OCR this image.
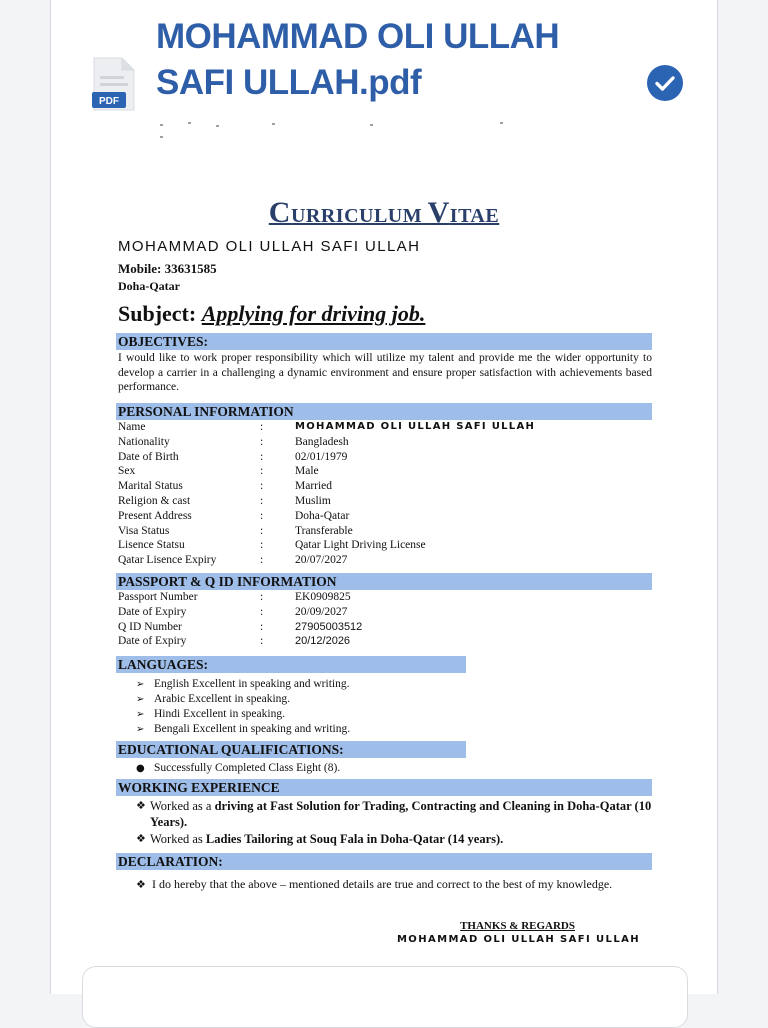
PDF
MOHAMMAD OLI ULLAH
SAFI ULLAH.pdf
CURRICULUM VITAE
MOHAMMAD OLI ULLAH SAFI ULLAH
Mobile: 33631585
Doha-Qatar
Subject: Applying for driving job.
OBJECTIVES:
I would like to work proper responsibility which will utilize my talent and provide me the wider opportunity to develop a carrier in a challenging a dynamic environment and ensure proper satisfaction with achievements based performance.
PERSONAL INFORMATION
Name	:	MOHAMMAD OLI ULLAH SAFI ULLAH
Nationality	:	Bangladesh
Date of Birth	:	02/01/1979
Sex	:	Male
Marital Status	:	Married
Religion & cast	:	Muslim
Present Address	:	Doha-Qatar
Visa Status	:	Transferable
Lisence Statsu	:	Qatar Light Driving License
Qatar Lisence Expiry	:	20/07/2027
PASSPORT & Q ID INFORMATION
Passport Number	:	EK0909825
Date of Expiry	:	20/09/2027
Q ID Number	:	27905003512
Date of Expiry	:	20/12/2026
LANGUAGES:
➢ English Excellent in speaking and writing.
➢ Arabic Excellent in speaking.
➢ Hindi Excellent in speaking.
➢ Bengali Excellent in speaking and writing.
EDUCATIONAL QUALIFICATIONS:
● Successfully Completed Class Eight (8).
WORKING EXPERIENCE
❖ Worked as a driving at Fast Solution for Trading, Contracting and Cleaning in Doha-Qatar (10 Years).
❖ Worked as Ladies Tailoring at Souq Fala in Doha-Qatar (14 years).
DECLARATION:
❖ I do hereby that the above – mentioned details are true and correct to the best of my knowledge.
THANKS & REGARDS
MOHAMMAD OLI ULLAH SAFI ULLAH
